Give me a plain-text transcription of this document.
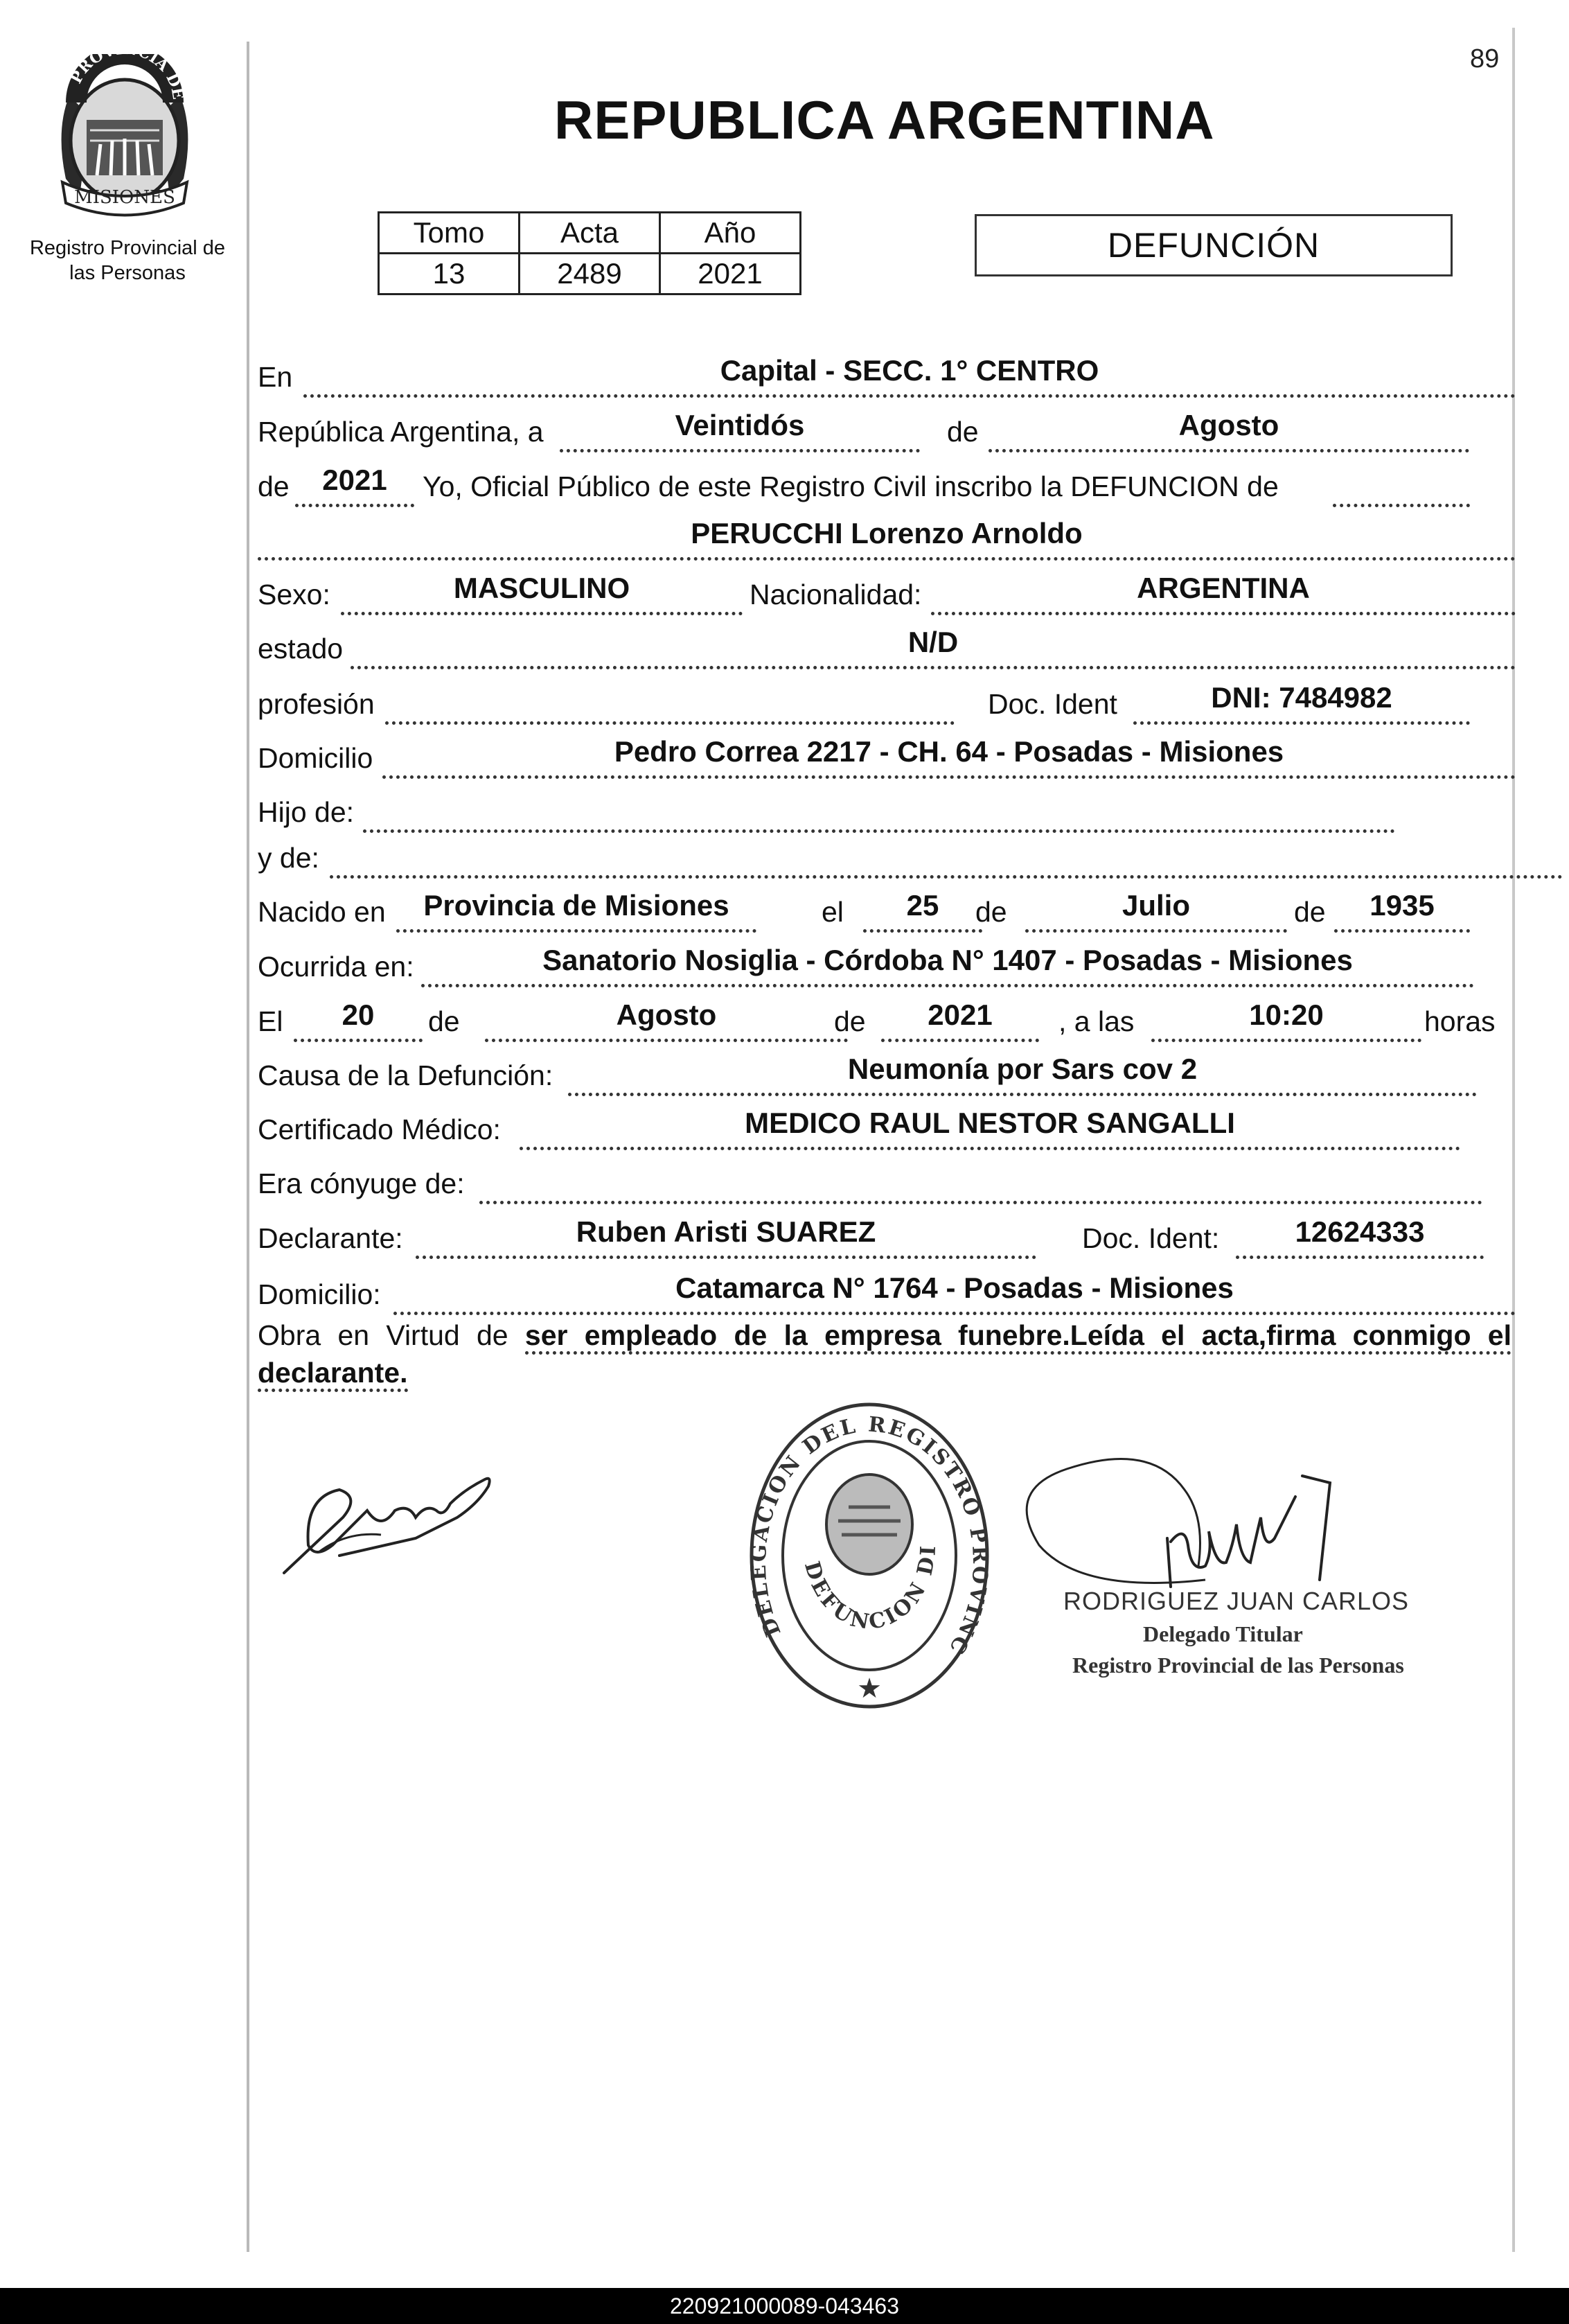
89
PRO IA DE
MISIONES
Registro Provincial de
las Personas
REPUBLICA ARGENTINA
Tomo	Acta	Año
13	2489	2021
DEFUNCIÓN
En	Capital - SECC. 1° CENTRO
República Argentina, a	Veintidós	de	Agosto
de	2021	Yo, Oficial Público de este Registro Civil inscribo la DEFUNCION de
PERUCCHI Lorenzo Arnoldo
Sexo:	MASCULINO	Nacionalidad:	ARGENTINA
estado	N/D
profesión	Doc. Ident	DNI: 7484982
Domicilio	Pedro Correa 2217 - CH. 64 - Posadas - Misiones
Hijo de:
y de:
Nacido en	Provincia de Misiones	el	25	de	Julio	de	1935
Ocurrida en:	Sanatorio Nosiglia - Córdoba N° 1407 - Posadas - Misiones
El	20	de	Agosto	de	2021	, a las	10:20	horas
Causa de la Defunción:	Neumonía por Sars cov 2
Certificado Médico:	MEDICO RAUL NESTOR SANGALLI
Era cónyuge de:
Declarante:	Ruben Aristi SUAREZ	Doc. Ident:	12624333
Domicilio:	Catamarca N° 1764 - Posadas - Misiones
Obra en Virtud de ser empleado de la empresa funebre.Leída el acta,firma conmigo el declarante.
DELEGACION DEL REGISTRO PROVINC
DEFUNCION DI
★
RODRIGUEZ JUAN CARLOS
Delegado Titular
Registro Provincial de las Personas
220921000089-043463
